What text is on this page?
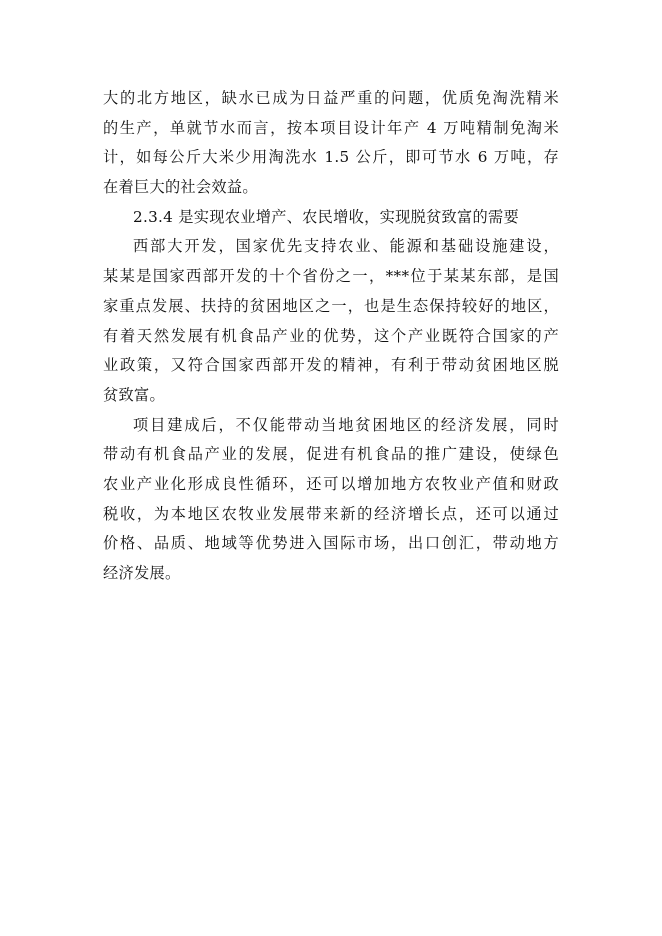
大的北方地区，缺水已成为日益严重的问题，优质免淘洗精米
的生产，单就节水而言，按本项目设计年产 4 万吨精制免淘米
计，如每公斤大米少用淘洗水 1.5 公斤，即可节水 6 万吨，存
在着巨大的社会效益。
2.3.4 是实现农业增产、农民增收，实现脱贫致富的需要
西部大开发，国家优先支持农业、能源和基础设施建设，
某某是国家西部开发的十个省份之一，***位于某某东部，是国
家重点发展、扶持的贫困地区之一，也是生态保持较好的地区，
有着天然发展有机食品产业的优势，这个产业既符合国家的产
业政策，又符合国家西部开发的精神，有利于带动贫困地区脱
贫致富。
项目建成后，不仅能带动当地贫困地区的经济发展，同时
带动有机食品产业的发展，促进有机食品的推广建设，使绿色
农业产业化形成良性循环，还可以增加地方农牧业产值和财政
税收，为本地区农牧业发展带来新的经济增长点，还可以通过
价格、品质、地域等优势进入国际市场，出口创汇，带动地方
经济发展。
